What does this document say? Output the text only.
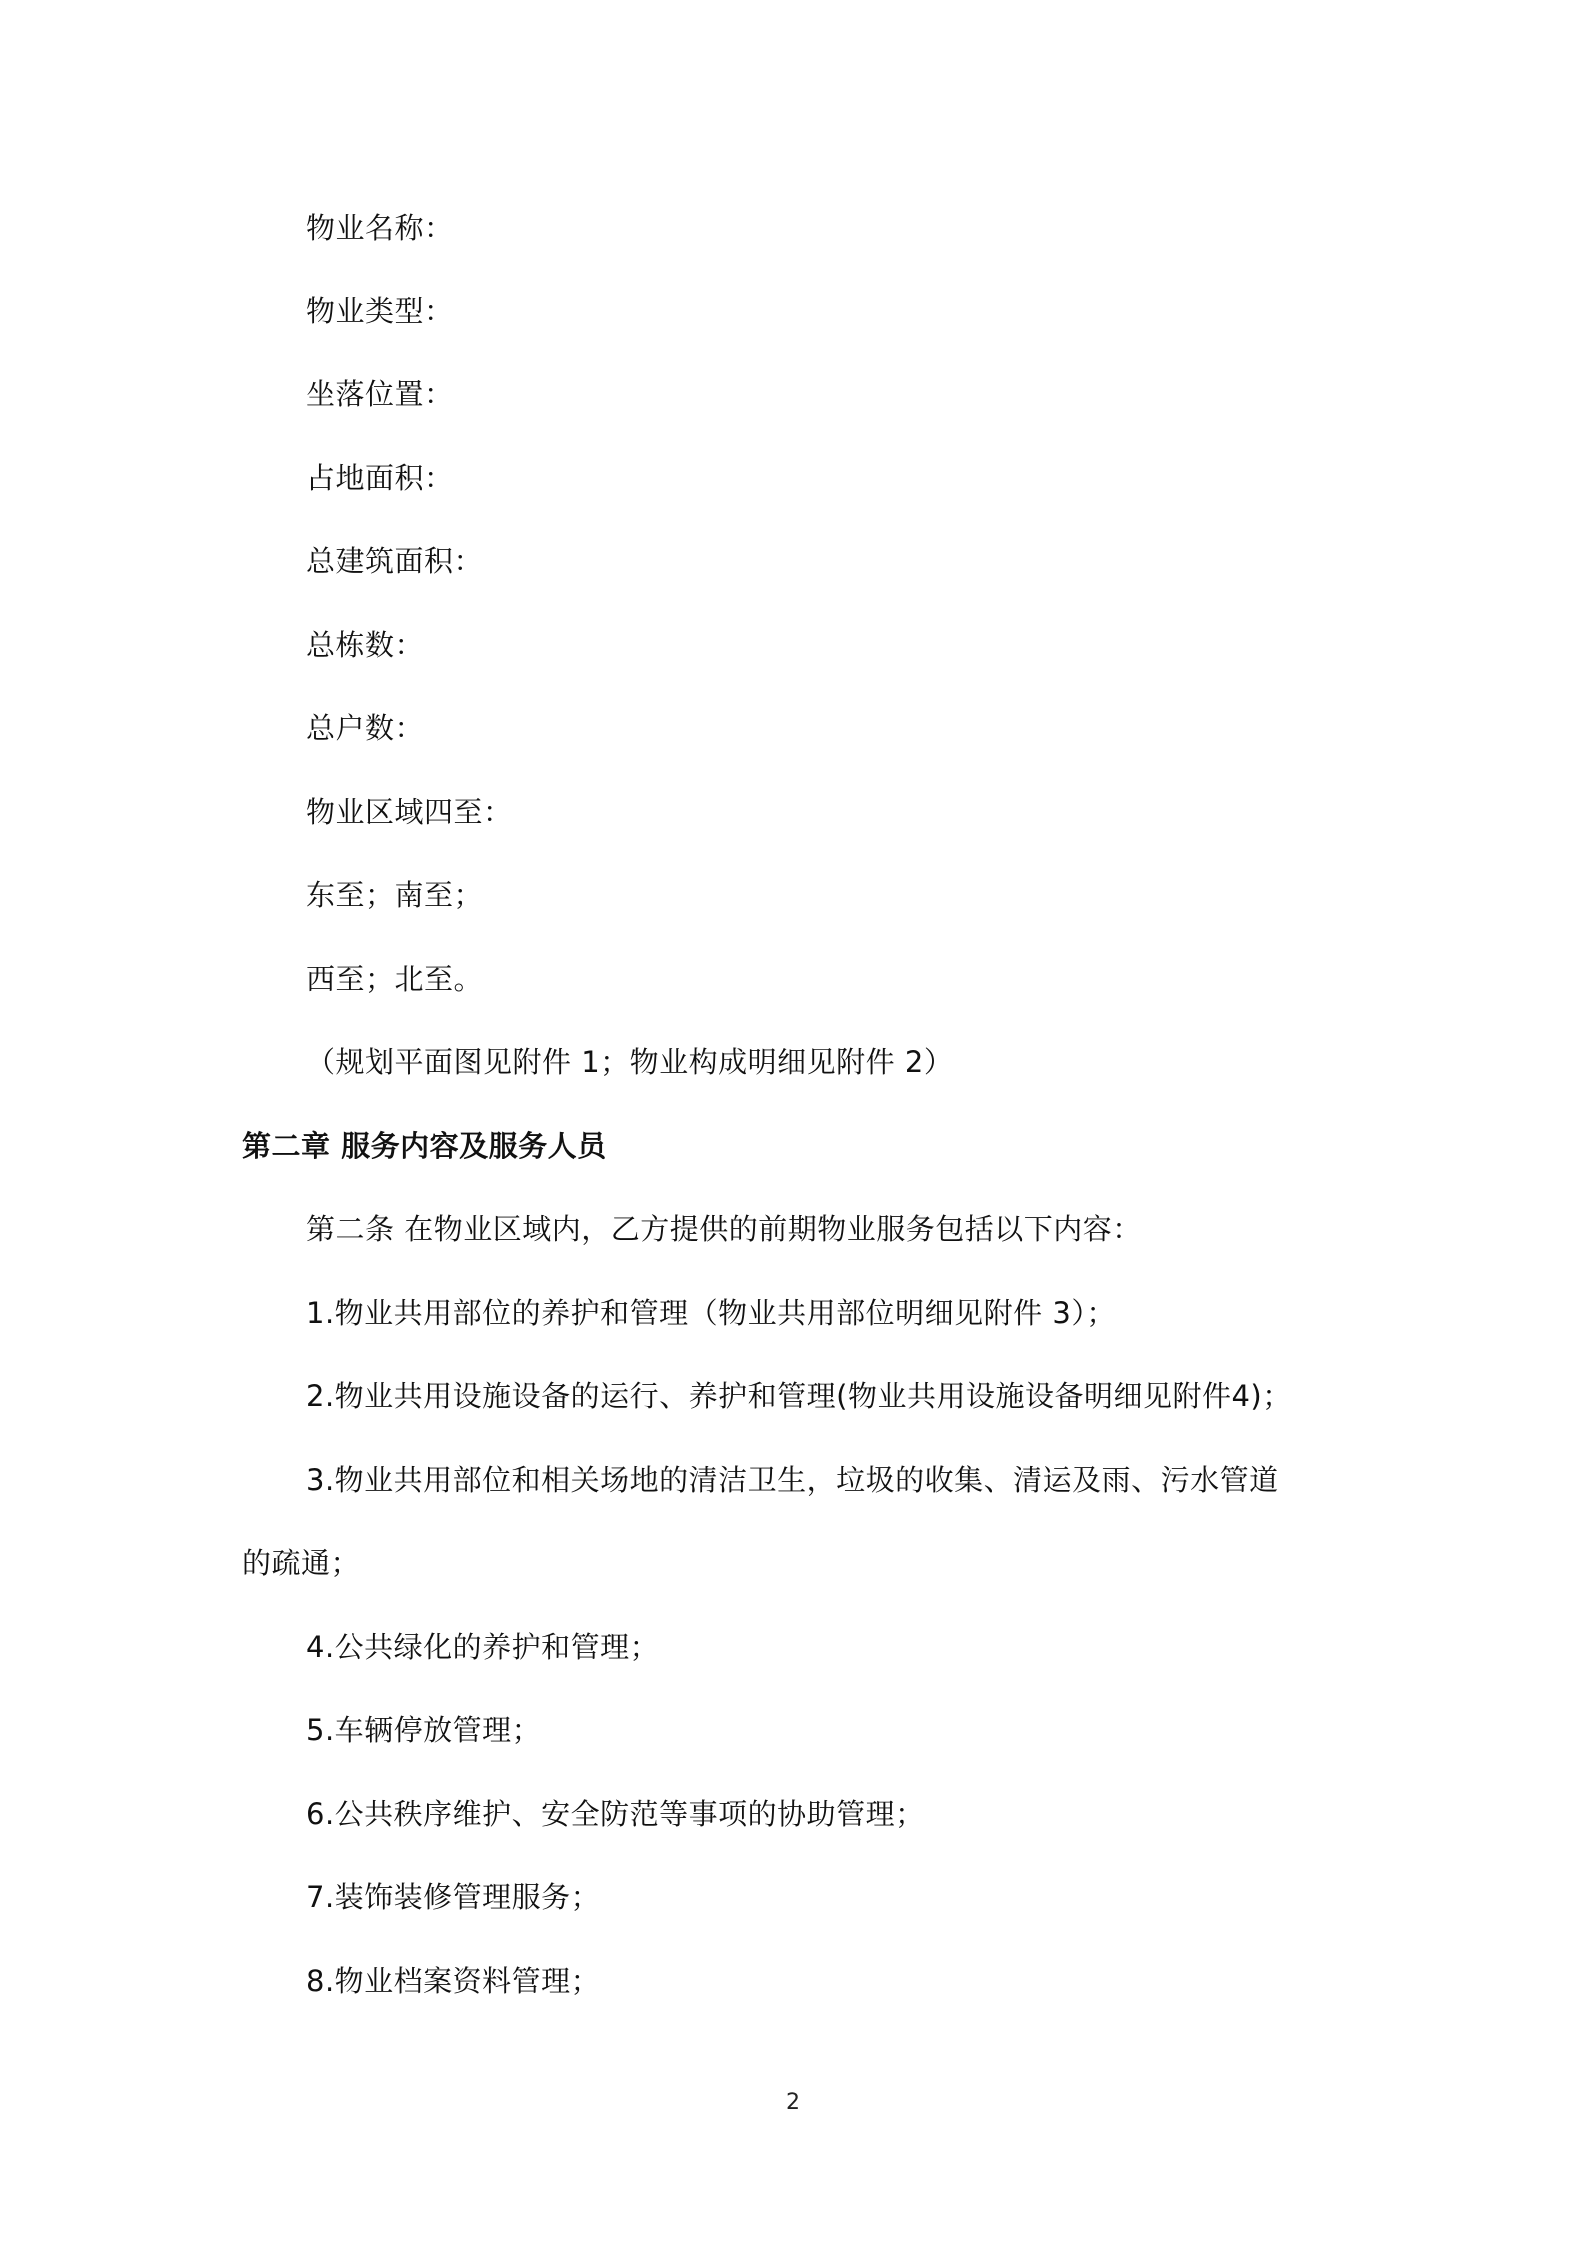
物业名称：
物业类型：
坐落位置：
占地面积：
总建筑面积：
总栋数：
总户数：
物业区域四至：
东至；南至；
西至；北至。
（规划平面图见附件 1；物业构成明细见附件 2）
第二章 服务内容及服务人员
第二条 在物业区域内，乙方提供的前期物业服务包括以下内容：
1.物业共用部位的养护和管理（物业共用部位明细见附件 3）；
2.物业共用设施设备的运行、养护和管理(物业共用设施设备明细见附件4)；
3.物业共用部位和相关场地的清洁卫生，垃圾的收集、清运及雨、污水管道
的疏通；
4.公共绿化的养护和管理；
5.车辆停放管理；
6.公共秩序维护、安全防范等事项的协助管理；
7.装饰装修管理服务；
8.物业档案资料管理；
2
